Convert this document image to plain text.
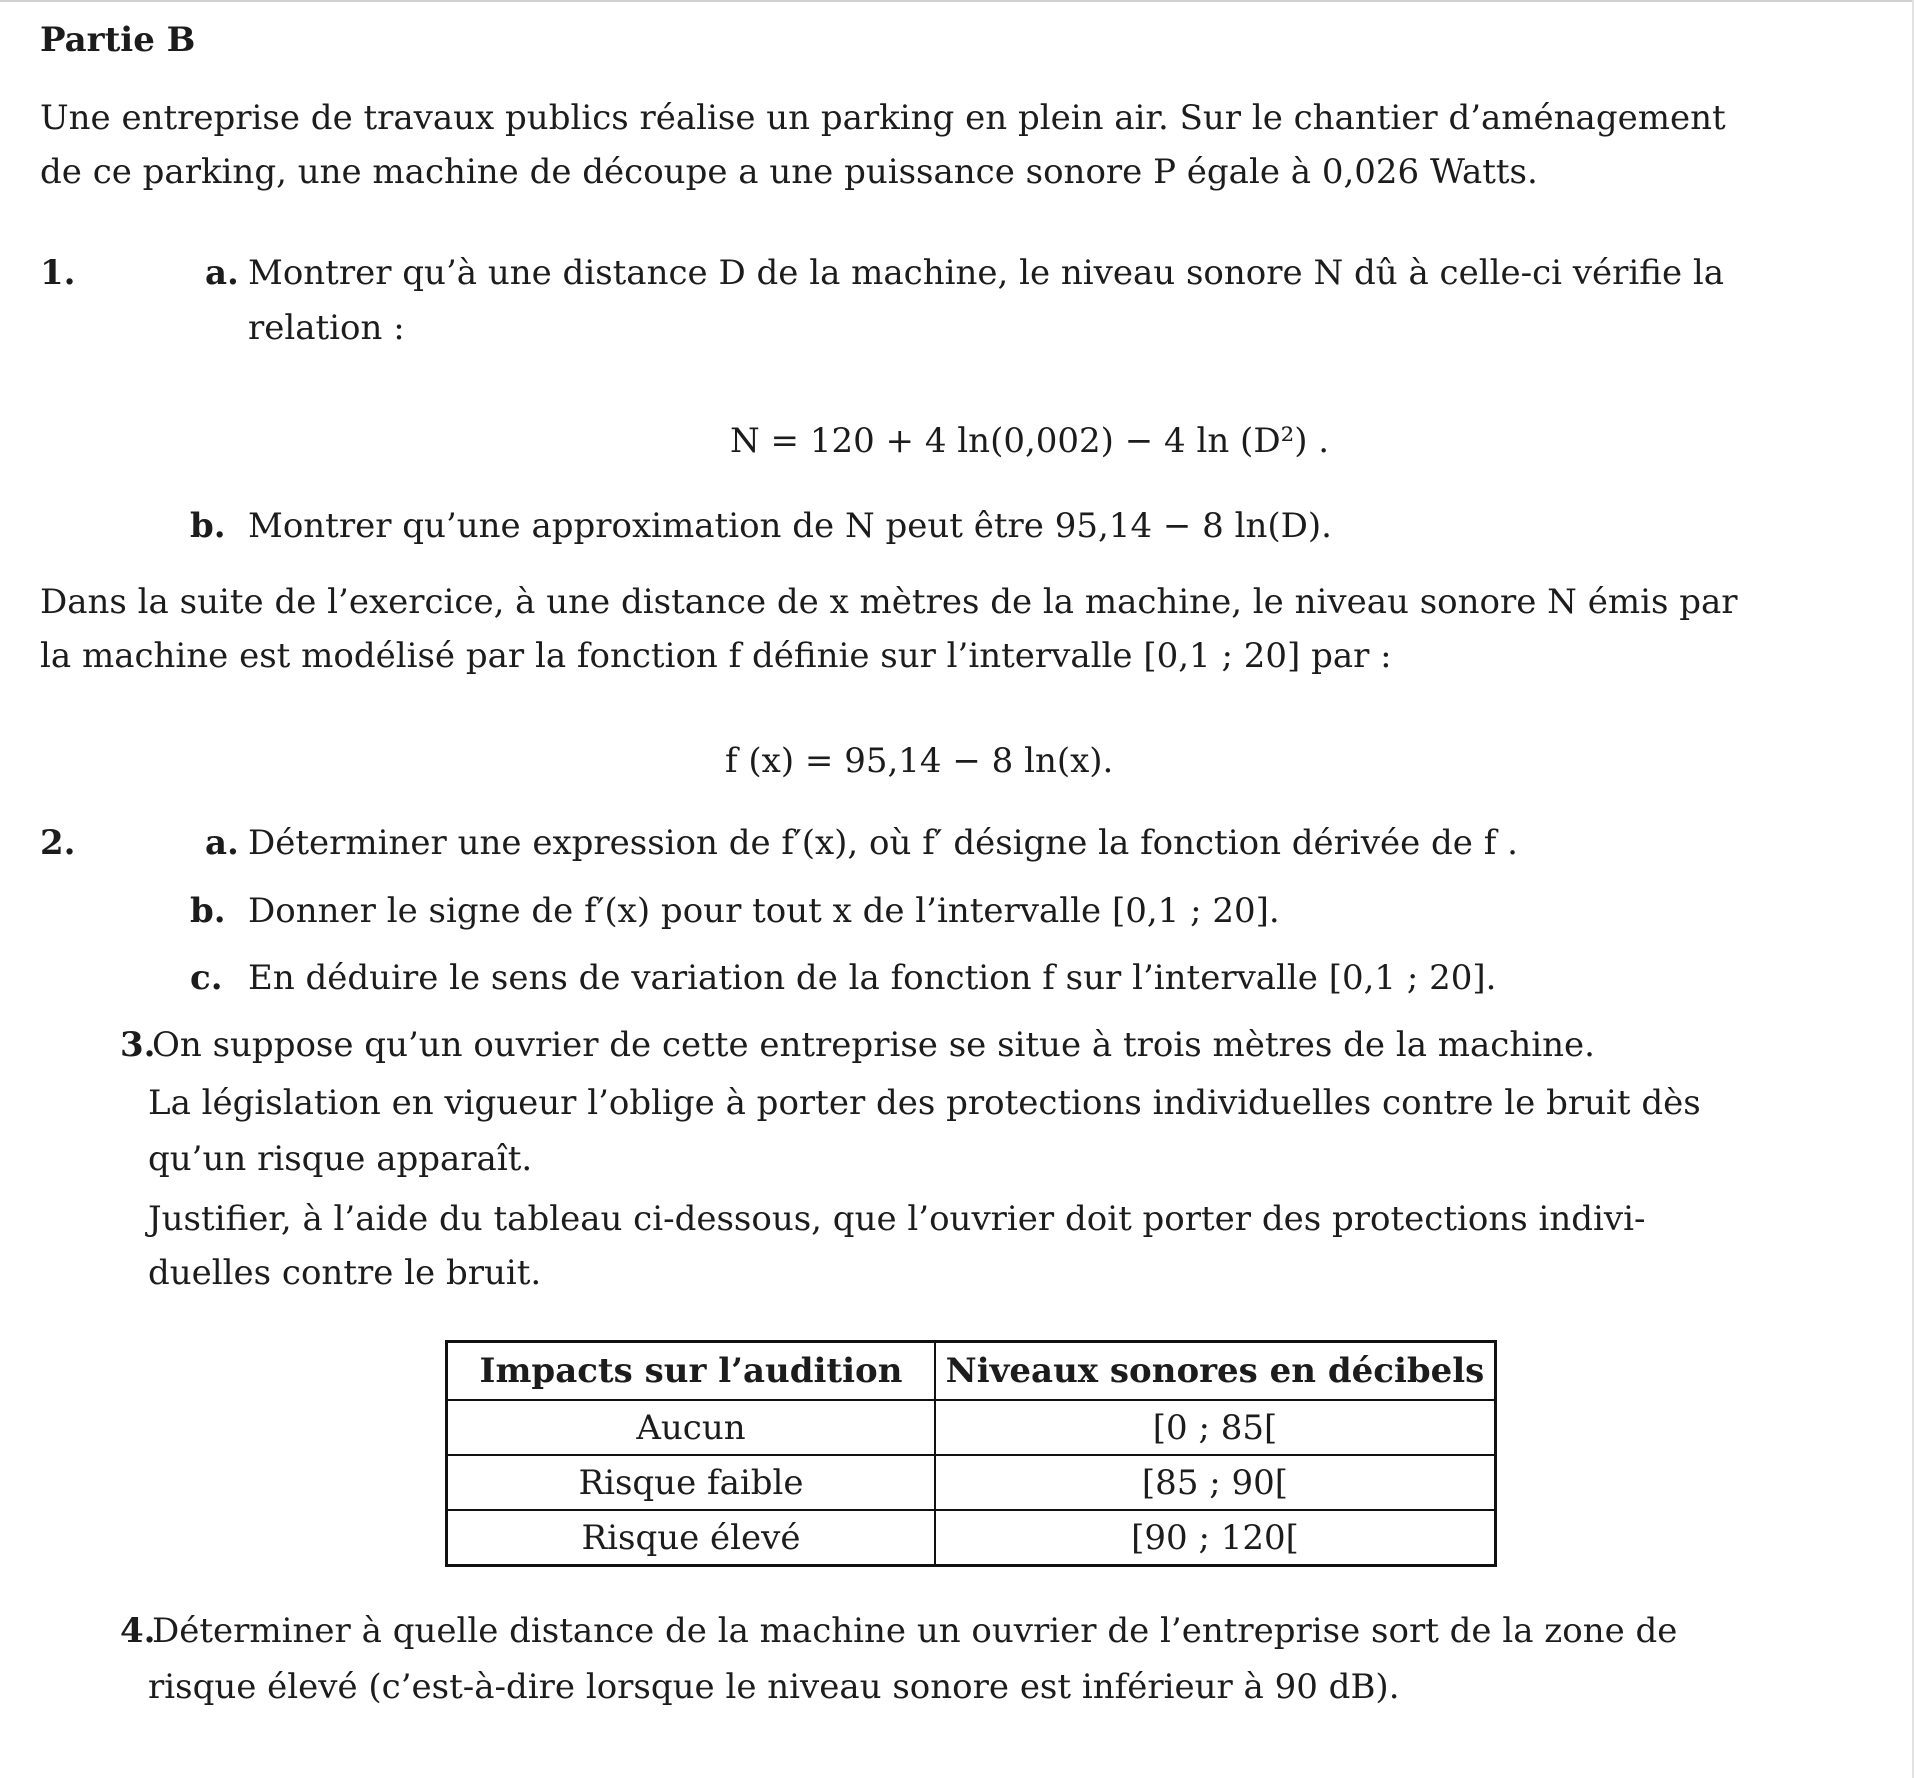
Partie B
Une entreprise de travaux publics réalise un parking en plein air. Sur le chantier d’aménagement
de ce parking, une machine de découpe a une puissance sonore P égale à 0,026 Watts.
1.	a. Montrer qu’à une distance D de la machine, le niveau sonore N dû à celle-ci vérifie la
relation :
N = 120 + 4 ln(0,002) − 4 ln (D²) .
b. Montrer qu’une approximation de N peut être 95,14 − 8 ln(D).
Dans la suite de l’exercice, à une distance de x mètres de la machine, le niveau sonore N émis par
la machine est modélisé par la fonction f définie sur l’intervalle [0,1 ; 20] par :
f (x) = 95,14 − 8 ln(x).
2.	a. Déterminer une expression de f′(x), où f′ désigne la fonction dérivée de f .
b. Donner le signe de f′(x) pour tout x de l’intervalle [0,1 ; 20].
c. En déduire le sens de variation de la fonction f sur l’intervalle [0,1 ; 20].
3.
On suppose qu’un ouvrier de cette entreprise se situe à trois mètres de la machine.
La législation en vigueur l’oblige à porter des protections individuelles contre le bruit dès
qu’un risque apparaît.
Justifier, à l’aide du tableau ci-dessous, que l’ouvrier doit porter des protections indivi-
duelles contre le bruit.
Impacts sur l’audition	Niveaux sonores en décibels
Aucun	[0 ; 85[
Risque faible	[85 ; 90[
Risque élevé	[90 ; 120[
4.
Déterminer à quelle distance de la machine un ouvrier de l’entreprise sort de la zone de
risque élevé (c’est-à-dire lorsque le niveau sonore est inférieur à 90 dB).
